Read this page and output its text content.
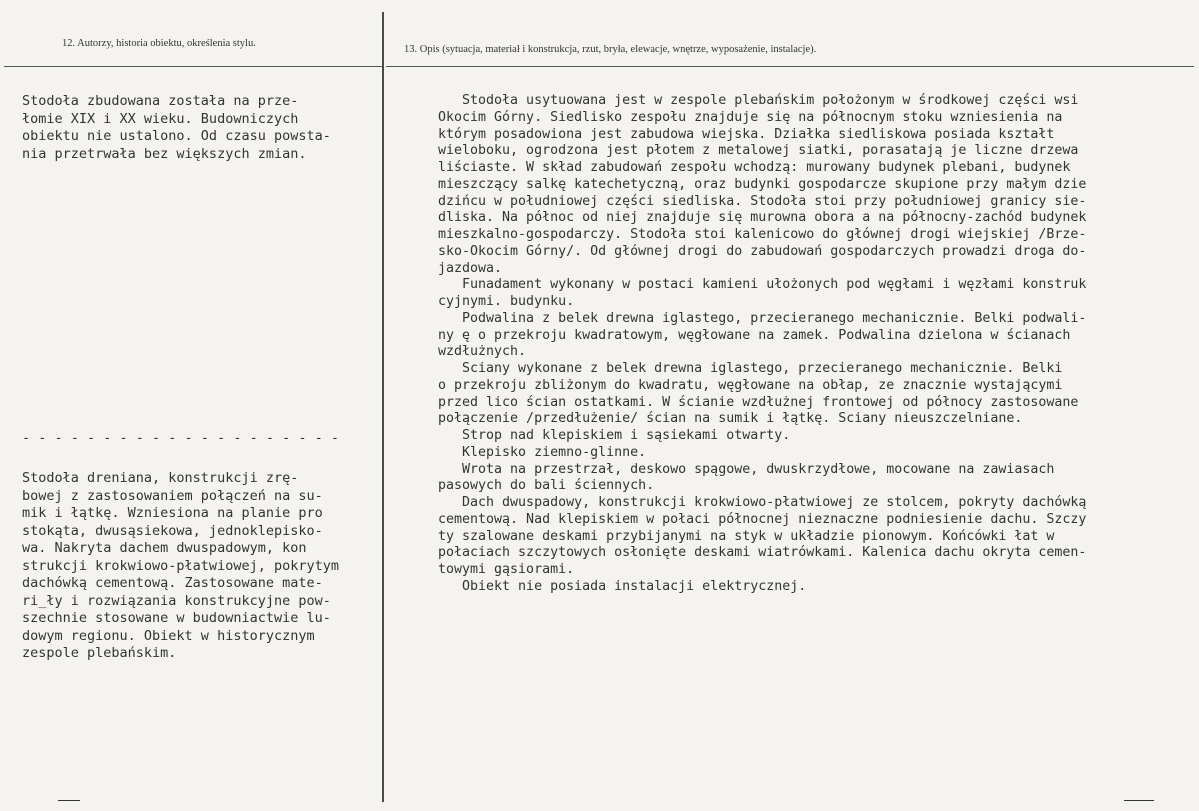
12. Autorzy, historia obiektu, określenia stylu.
Stodoła zbudowana została na prze-
łomie XIX i XX wieku. Budowniczych
obiektu nie ustalono. Od czasu powsta-
nia przetrwała bez większych zmian.
- - - - - - - - - - - - - - - - - - - -
Stodoła dreniana, konstrukcji zrę-
bowej z zastosowaniem połączeń na su-
mik i łątkę. Wzniesiona na planie pro
stokąta, dwusąsiekowa, jednoklepisko-
wa. Nakryta dachem dwuspadowym, kon
strukcji krokwiowo-płatwiowej, pokrytym
dachówką cementową. Zastosowane mate-
ri_ły i rozwiązania konstrukcyjne pow-
szechnie stosowane w budowniactwie lu-
dowym regionu. Obiekt w historycznym
zespole plebańskim.
13. Opis (sytuacja, materiał i konstrukcja, rzut, bryła, elewacje, wnętrze, wyposażenie, instalacje).
Stodoła usytuowana jest w zespole plebańskim położonym w środkowej części wsi
Okocim Górny. Siedlisko zespołu znajduje się na północnym stoku wzniesienia na
którym posadowiona jest zabudowa wiejska. Działka siedliskowa posiada kształt
wieloboku, ogrodzona jest płotem z metalowej siatki, porasatają je liczne drzewa
liściaste. W skład zabudowań zespołu wchodzą: murowany budynek plebani, budynek
mieszczący salkę katechetyczną, oraz budynki gospodarcze skupione przy małym dzie
dzińcu w południowej części siedliska. Stodoła stoi przy południowej granicy sie-
dliska. Na północ od niej znajduje się murowna obora a na północny-zachód budynek
mieszkalno-gospodarczy. Stodoła stoi kalenicowo do głównej drogi wiejskiej /Brze-
sko-Okocim Górny/. Od głównej drogi do zabudowań gospodarczych prowadzi droga do-
jazdowa.
Funadament wykonany w postaci kamieni ułożonych pod węgłami i węzłami konstruk
cyjnymi. budynku.
Podwalina z belek drewna iglastego, przecieranego mechanicznie. Belki podwali-
ny ę o przekroju kwadratowym, węgłowane na zamek. Podwalina dzielona w ścianach
wzdłużnych.
Sciany wykonane z belek drewna iglastego, przecieranego mechanicznie. Belki
o przekroju zbliżonym do kwadratu, węgłowane na obłap, ze znacznie wystającymi
przed lico ścian ostatkami. W ścianie wzdłużnej frontowej od północy zastosowane
połączenie /przedłużenie/ ścian na sumik i łątkę. Sciany nieuszczelniane.
Strop nad klepiskiem i sąsiekami otwarty.
Klepisko ziemno-glinne.
Wrota na przestrzał, deskowo spągowe, dwuskrzydłowe, mocowane na zawiasach
pasowych do bali ściennych.
Dach dwuspadowy, konstrukcji krokwiowo-płatwiowej ze stolcem, pokryty dachówką
cementową. Nad klepiskiem w połaci północnej nieznaczne podniesienie dachu. Szczy
ty szalowane deskami przybijanymi na styk w układzie pionowym. Końcówki łat w
połaciach szczytowych osłonięte deskami wiatrówkami. Kalenica dachu okryta cemen-
towymi gąsiorami.
Obiekt nie posiada instalacji elektrycznej.
